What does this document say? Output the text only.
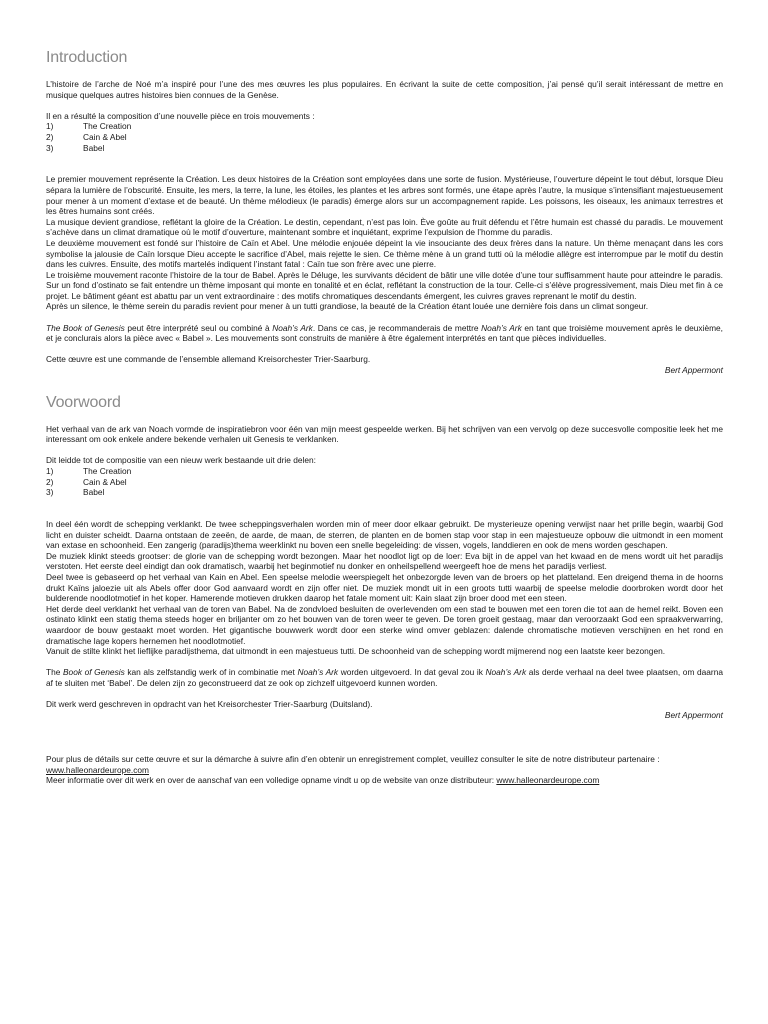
Introduction

L’histoire de l’arche de Noé m’a inspiré pour l’une des mes œuvres les plus populaires. En écrivant la suite de cette composition, j’ai pensé qu’il serait intéressant de mettre en musique quelques autres histoires bien connues de la Genèse.

Il en a résulté la composition d’une nouvelle pièce en trois mouvements :

1)	The Creation
2)	Cain & Abel
3)	Babel

Le premier mouvement représente la Création. Les deux histoires de la Création sont employées dans une sorte de fusion. Mystérieuse, l’ouverture dépeint le tout début, lorsque Dieu sépara la lumière de l’obscurité. Ensuite, les mers, la terre, la lune, les étoiles, les plantes et les arbres sont formés, une étape après l’autre, la musique s’intensifiant majestueusement pour mener à un moment d’extase et de beauté. Un thème mélodieux (le paradis) émerge alors sur un accompagnement rapide. Les poissons, les oiseaux, les animaux terrestres et les êtres humains sont créés.

La musique devient grandiose, reflétant la gloire de la Création. Le destin, cependant, n’est pas loin. Ève goûte au fruit défendu et l’être humain est chassé du paradis. Le mouvement s’achève dans un climat dramatique où le motif d’ouverture, maintenant sombre et inquiétant, exprime l’expulsion de l’homme du paradis.

Le deuxième mouvement est fondé sur l’histoire de Caïn et Abel. Une mélodie enjouée dépeint la vie insouciante des deux frères dans la nature. Un thème menaçant dans les cors symbolise la jalousie de Caïn lorsque Dieu accepte le sacrifice d’Abel, mais rejette le sien. Ce thème mène à un grand tutti où la mélodie allègre est interrompue par le motif du destin dans les cuivres. Ensuite, des motifs martelés indiquent l’instant fatal : Caïn tue son frère avec une pierre.

Le troisième mouvement raconte l’histoire de la tour de Babel. Après le Déluge, les survivants décident de bâtir une ville dotée d’une tour suffisamment haute pour atteindre le paradis. Sur un fond d’ostinato se fait entendre un thème imposant qui monte en tonalité et en éclat, reflétant la construction de la tour. Celle-ci s’élève progressivement, mais Dieu met fin à ce projet. Le bâtiment géant est abattu par un vent extraordinaire : des motifs chromatiques descendants émergent, les cuivres graves reprenant le motif du destin.

Après un silence, le thème serein du paradis revient pour mener à un tutti grandiose, la beauté de la Création étant louée une dernière fois dans un climat songeur.

The Book of Genesis peut être interprété seul ou combiné à Noah’s Ark. Dans ce cas, je recommanderais de mettre Noah’s Ark en tant que troisième mouvement après le deuxième, et je conclurais alors la pièce avec « Babel ». Les mouvements sont construits de manière à être également interprétés en tant que pièces individuelles.

Cette œuvre est une commande de l’ensemble allemand Kreisorchester Trier-Saarburg.

Bert Appermont

Voorwoord

Het verhaal van de ark van Noach vormde de inspiratiebron voor één van mijn meest gespeelde werken. Bij het schrijven van een vervolg op deze succesvolle compositie leek het me interessant om ook enkele andere bekende verhalen uit Genesis te verklanken.

Dit leidde tot de compositie van een nieuw werk bestaande uit drie delen:

1)	The Creation
2)	Cain & Abel
3)	Babel

In deel één wordt de schepping verklankt. De twee scheppingsverhalen worden min of meer door elkaar gebruikt. De mysterieuze opening verwijst naar het prille begin, waarbij God licht en duister scheidt. Daarna ontstaan de zeeën, de aarde, de maan, de sterren, de planten en de bomen stap voor stap in een majestueuze opbouw die uitmondt in een moment van extase en schoonheid. Een zangerig (paradijs)thema weerklinkt nu boven een snelle begeleiding: de vissen, vogels, landdieren en ook de mens worden geschapen.

De muziek klinkt steeds grootser: de glorie van de schepping wordt bezongen. Maar het noodlot ligt op de loer: Eva bijt in de appel van het kwaad en de mens wordt uit het paradijs verstoten. Het eerste deel eindigt dan ook dramatisch, waarbij het beginmotief nu donker en onheilspellend weergeeft hoe de mens het paradijs verliest.

Deel twee is gebaseerd op het verhaal van Kain en Abel. Een speelse melodie weerspiegelt het onbezorgde leven van de broers op het platteland. Een dreigend thema in de hoorns drukt Kaïns jaloezie uit als Abels offer door God aanvaard wordt en zijn offer niet. De muziek mondt uit in een groots tutti waarbij de speelse melodie doorbroken wordt door het bulderende noodlotmotief in het koper. Hamerende motieven drukken daarop het fatale moment uit: Kain slaat zijn broer dood met een steen.

Het derde deel verklankt het verhaal van de toren van Babel. Na de zondvloed besluiten de overlevenden om een stad te bouwen met een toren die tot aan de hemel reikt. Boven een ostinato klinkt een statig thema steeds hoger en briljanter om zo het bouwen van de toren weer te geven. De toren groeit gestaag, maar dan veroorzaakt God een spraakverwarring, waardoor de bouw gestaakt moet worden. Het gigantische bouwwerk wordt door een sterke wind omver geblazen: dalende chromatische motieven verschijnen en het rond en dramatische lage kopers hernemen het noodlotmotief.

Vanuit de stilte klinkt het lieflijke paradijsthema, dat uitmondt in een majestueus tutti. De schoonheid van de schepping wordt mijmerend nog een laatste keer bezongen.

The Book of Genesis kan als zelfstandig werk of in combinatie met Noah’s Ark worden uitgevoerd. In dat geval zou ik Noah’s Ark als derde verhaal na deel twee plaatsen, om daarna af te sluiten met ‘Babel’. De delen zijn zo geconstrueerd dat ze ook op zichzelf uitgevoerd kunnen worden.

Dit werk werd geschreven in opdracht van het Kreisorchester Trier-Saarburg (Duitsland).

Bert Appermont

Pour plus de détails sur cette œuvre et sur la démarche à suivre afin d’en obtenir un enregistrement complet, veuillez consulter le site de notre distributeur partenaire :

www.halleonardeurope.com

Meer informatie over dit werk en over de aanschaf van een volledige opname vindt u op de website van onze distributeur: www.halleonardeurope.com
